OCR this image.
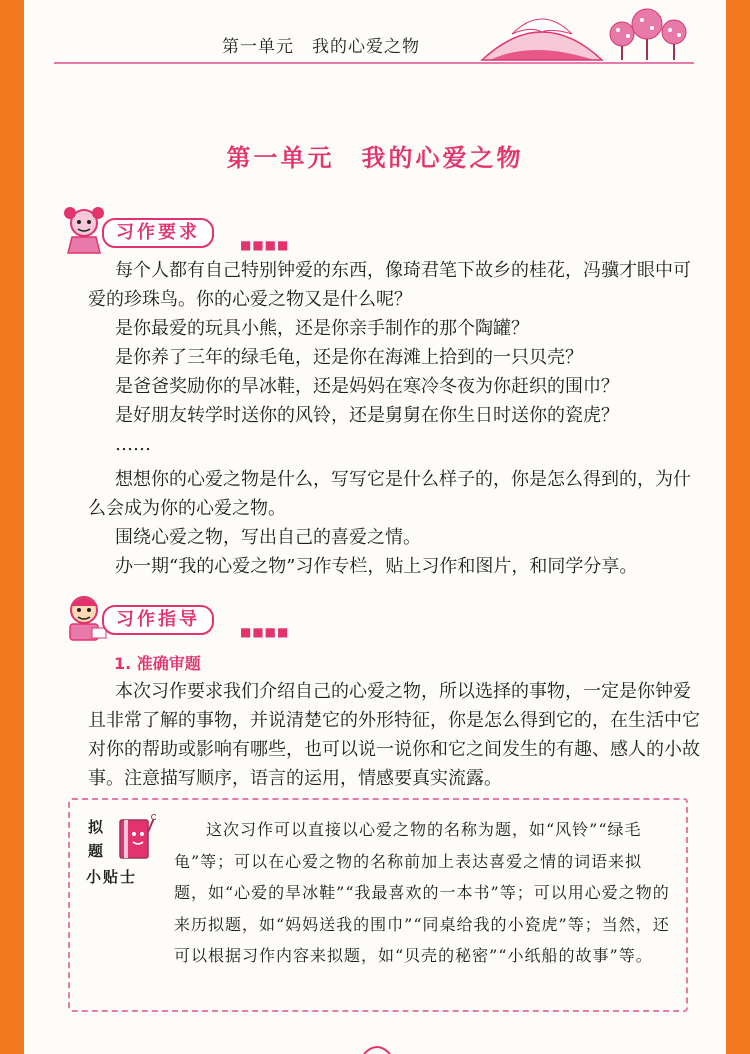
第一单元　我的心爱之物
第一单元　我的心爱之物
习作要求
■■■■

每个人都有自己特别钟爱的东西，像琦君笔下故乡的桂花，冯骥才眼中可爱的珍珠鸟。你的心爱之物又是什么呢？

是你最爱的玩具小熊，还是你亲手制作的那个陶罐？

是你养了三年的绿毛龟，还是你在海滩上拾到的一只贝壳？

是爸爸奖励你的旱冰鞋，还是妈妈在寒冷冬夜为你赶织的围巾？

是好朋友转学时送你的风铃，还是舅舅在你生日时送你的瓷虎？

……

想想你的心爱之物是什么，写写它是什么样子的，你是怎么得到的，为什么会成为你的心爱之物。

围绕心爱之物，写出自己的喜爱之情。

办一期“我的心爱之物”习作专栏，贴上习作和图片，和同学分享。

习作指导
■■■■
1. 准确审题

本次习作要求我们介绍自己的心爱之物，所以选择的事物，一定是你钟爱且非常了解的事物，并说清楚它的外形特征，你是怎么得到它的，在生活中它对你的帮助或影响有哪些，也可以说一说你和它之间发生的有趣、感人的小故事。注意描写顺序，语言的运用，情感要真实流露。

拟
题
小贴士
这次习作可以直接以心爱之物的名称为题，如“风铃”“绿毛龟”等；可以在心爱之物的名称前加上表达喜爱之情的词语来拟题，如“心爱的旱冰鞋”“我最喜欢的一本书”等；可以用心爱之物的来历拟题，如“妈妈送我的围巾”“同桌给我的小瓷虎”等；当然，还可以根据习作内容来拟题，如“贝壳的秘密”“小纸船的故事”等。
